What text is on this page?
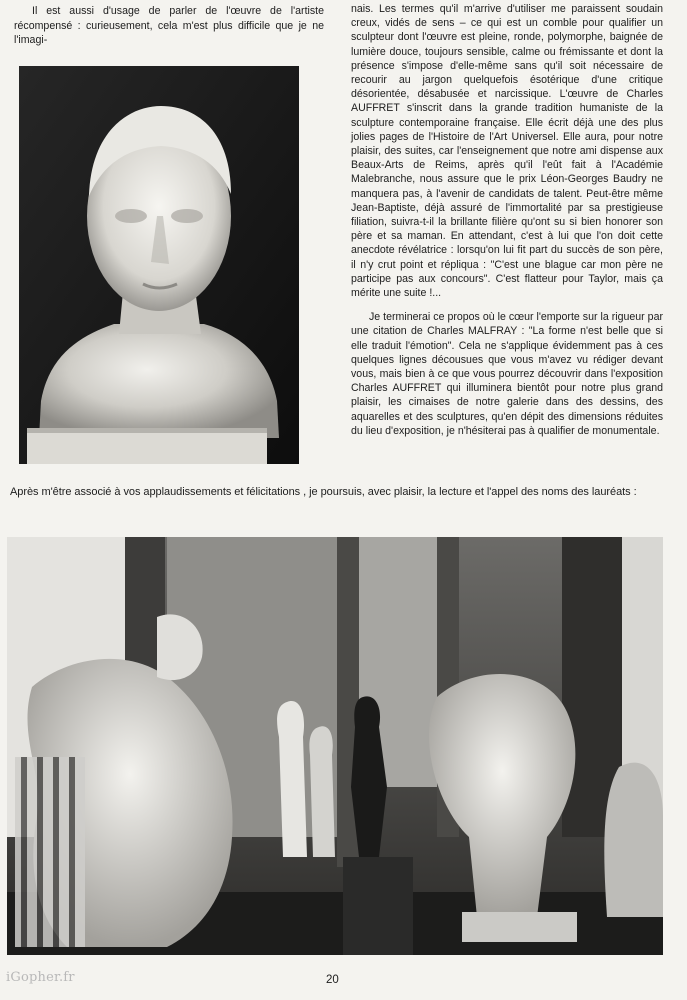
Il est aussi d'usage de parler de l'œuvre de l'artiste récompensé : curieusement, cela m'est plus difficile que je ne l'imagi-

nais. Les termes qu'il m'arrive d'utiliser me paraissent soudain creux, vidés de sens – ce qui est un comble pour qualifier un sculpteur dont l'œuvre est pleine, ronde, polymorphe, baignée de lumière douce, toujours sensible, calme ou frémissante et dont la présence s'impose d'elle-même sans qu'il soit nécessaire de recourir au jargon quelquefois ésotérique d'une critique désorientée, désabusée et narcissique. L'œuvre de Charles AUFFRET s'inscrit dans la grande tradition humaniste de la sculpture contemporaine française. Elle écrit déjà une des plus jolies pages de l'Histoire de l'Art Universel. Elle aura, pour notre plaisir, des suites, car l'enseignement que notre ami dispense aux Beaux-Arts de Reims, après qu'il l'eût fait à l'Académie Malebranche, nous assure que le prix Léon-Georges Baudry ne manquera pas, à l'avenir de candidats de talent. Peut-être même Jean-Baptiste, déjà assuré de l'immortalité par sa prestigieuse filiation, suivra-t-il la brillante filière qu'ont su si bien honorer son père et sa maman. En attendant, c'est à lui que l'on doit cette anecdote révélatrice : lorsqu'on lui fit part du succès de son père, il n'y crut point et répliqua : "C'est une blague car mon père ne participe pas aux concours". C'est flatteur pour Taylor, mais ça mérite une suite !...

Je terminerai ce propos où le cœur l'emporte sur la rigueur par une citation de Charles MALFRAY : "La forme n'est belle que si elle traduit l'émotion". Cela ne s'applique évidemment pas à ces quelques lignes décousues que vous m'avez vu rédiger devant vous, mais bien à ce que vous pourrez découvrir dans l'exposition Charles AUFFRET qui illuminera bientôt pour notre plus grand plaisir, les cimaises de notre galerie dans des dessins, des aquarelles et des sculptures, qu'en dépit des dimensions réduites du lieu d'exposition, je n'hésiterai pas à qualifier de monumentale.

Après m'être associé à vos applaudissements et félicitations , je poursuis, avec plaisir, la lecture et l'appel des noms des lauréats :
iGopher.fr	20
